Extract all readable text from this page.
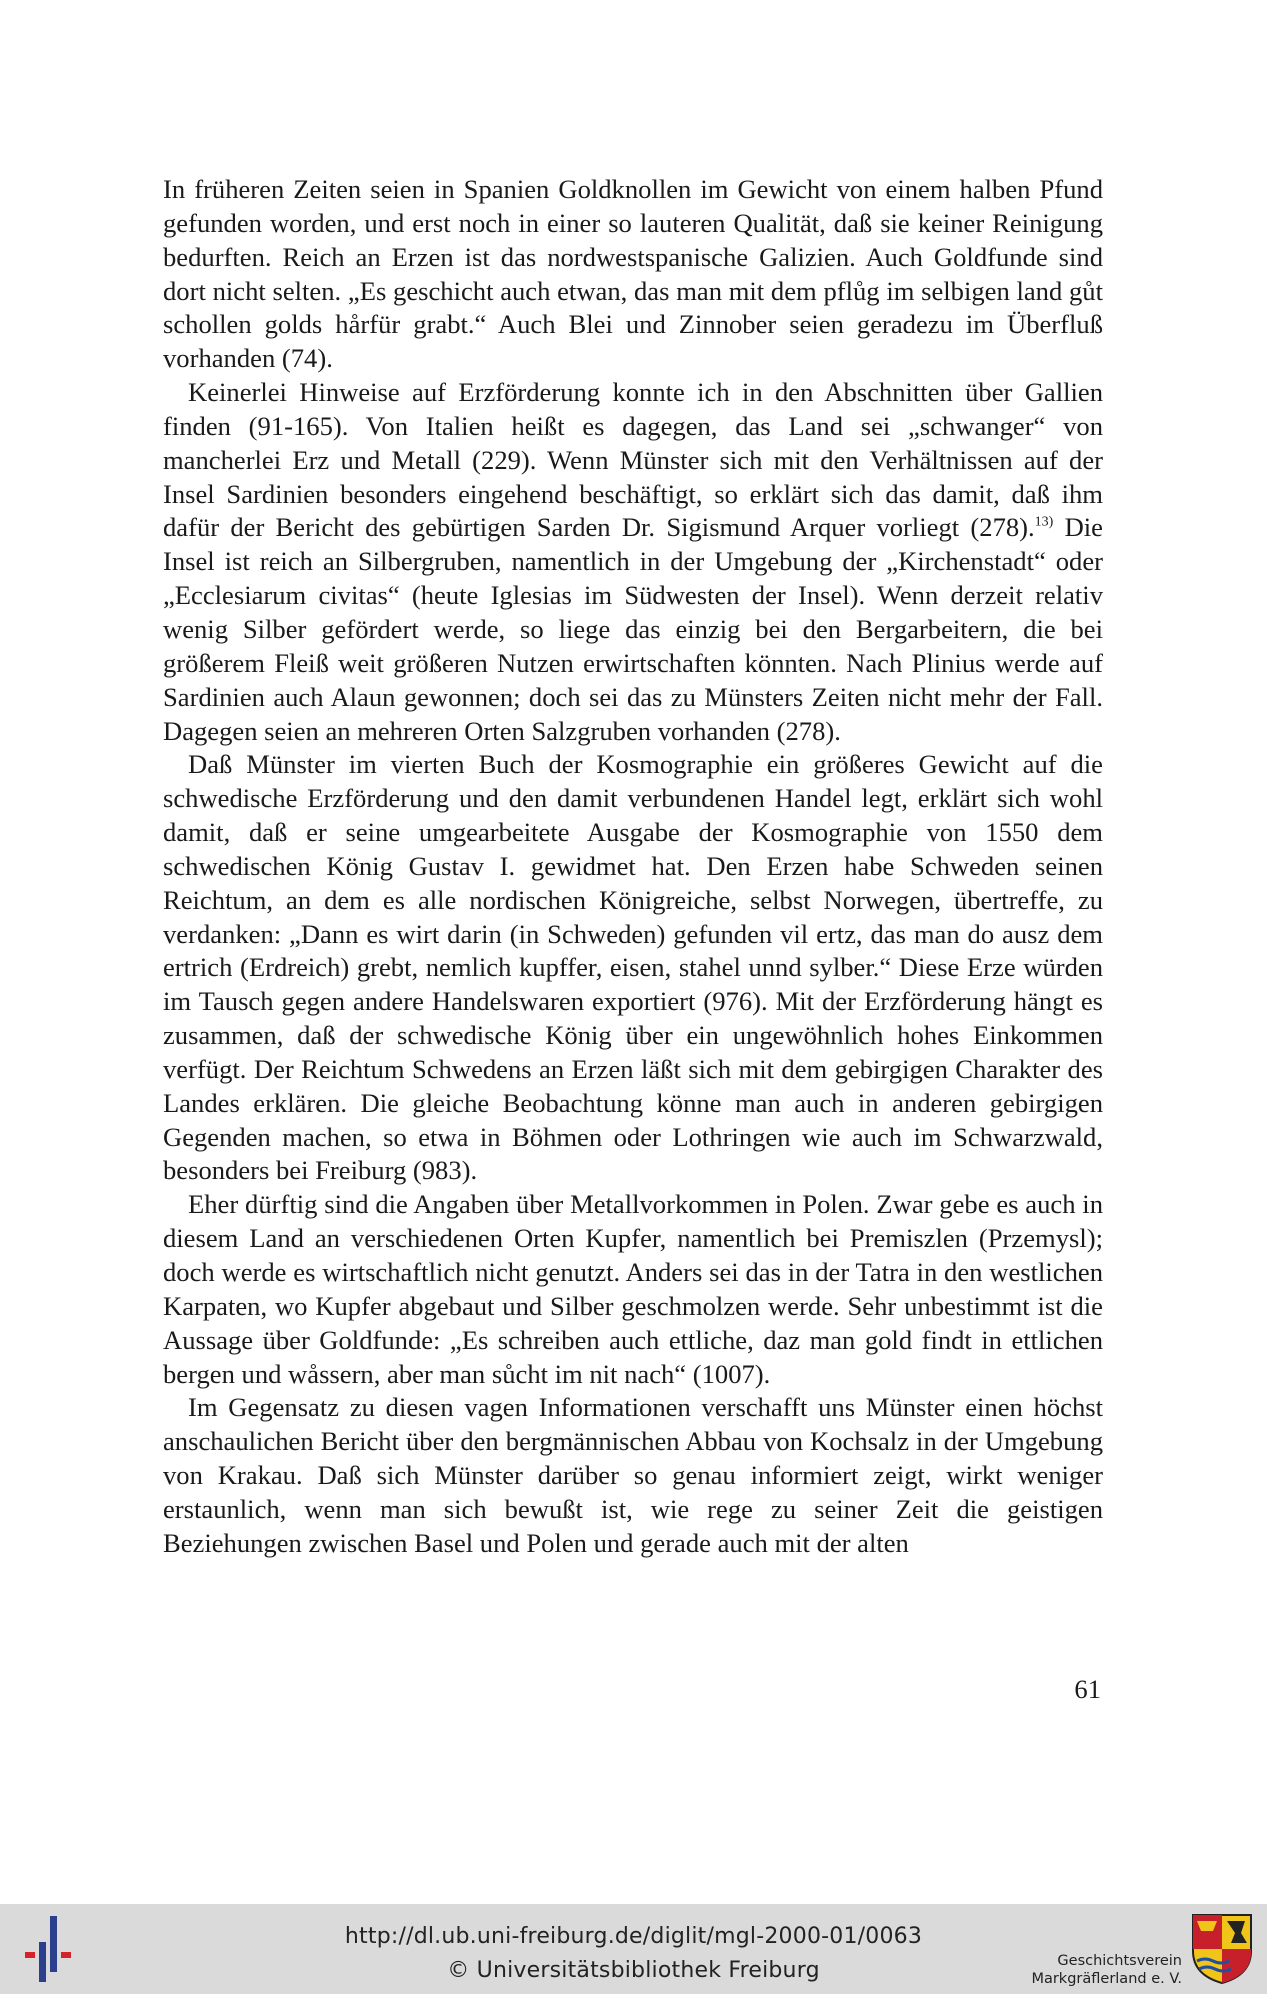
In früheren Zeiten seien in Spanien Goldknollen im Gewicht von einem halben Pfund gefunden worden, und erst noch in einer so lauteren Qualität, daß sie keiner Reinigung bedurften. Reich an Erzen ist das nordwestspanische Galizien. Auch Goldfunde sind dort nicht selten. „Es geschicht auch etwan, das man mit dem pflůg im selbigen land gůt schollen golds hårfür grabt.“ Auch Blei und Zinnober seien geradezu im Überfluß vorhanden (74).

Keinerlei Hinweise auf Erzförderung konnte ich in den Abschnitten über Gallien finden (91-165). Von Italien heißt es dagegen, das Land sei „schwanger“ von mancherlei Erz und Metall (229). Wenn Münster sich mit den Verhältnissen auf der Insel Sardinien besonders eingehend beschäftigt, so erklärt sich das damit, daß ihm dafür der Bericht des gebürtigen Sarden Dr. Sigismund Arquer vorliegt (278).$^{13)}$ Die Insel ist reich an Silbergruben, namentlich in der Umgebung der „Kirchenstadt“ oder „Ecclesiarum civitas“ (heute Iglesias im Südwesten der Insel). Wenn derzeit relativ wenig Silber gefördert werde, so liege das einzig bei den Bergarbeitern, die bei größerem Fleiß weit größeren Nutzen erwirtschaften könnten. Nach Plinius werde auf Sardinien auch Alaun gewonnen; doch sei das zu Münsters Zeiten nicht mehr der Fall. Dagegen seien an mehreren Orten Salzgruben vorhanden (278).

Daß Münster im vierten Buch der Kosmographie ein größeres Gewicht auf die schwedische Erzförderung und den damit verbundenen Handel legt, erklärt sich wohl damit, daß er seine umgearbeitete Ausgabe der Kosmographie von 1550 dem schwedischen König Gustav I. gewidmet hat. Den Erzen habe Schweden seinen Reichtum, an dem es alle nordischen Königreiche, selbst Norwegen, übertreffe, zu verdanken: „Dann es wirt darin (in Schweden) gefunden vil ertz, das man do ausz dem ertrich (Erdreich) grebt, nemlich kupffer, eisen, stahel unnd sylber.“ Diese Erze würden im Tausch gegen andere Handelswaren exportiert (976). Mit der Erzförderung hängt es zusammen, daß der schwedische König über ein ungewöhnlich hohes Einkommen verfügt. Der Reichtum Schwedens an Erzen läßt sich mit dem gebirgigen Charakter des Landes erklären. Die gleiche Beobachtung könne man auch in anderen gebirgigen Gegenden machen, so etwa in Böhmen oder Lothringen wie auch im Schwarzwald, besonders bei Freiburg (983).

Eher dürftig sind die Angaben über Metallvorkommen in Polen. Zwar gebe es auch in diesem Land an verschiedenen Orten Kupfer, namentlich bei Premiszlen (Przemysl); doch werde es wirtschaftlich nicht genutzt. Anders sei das in der Tatra in den westlichen Karpaten, wo Kupfer abgebaut und Silber geschmolzen werde. Sehr unbestimmt ist die Aussage über Goldfunde: „Es schreiben auch ettliche, daz man gold findt in ettlichen bergen und wåssern, aber man sůcht im nit nach“ (1007).

Im Gegensatz zu diesen vagen Informationen verschafft uns Münster einen höchst anschaulichen Bericht über den bergmännischen Abbau von Kochsalz in der Umgebung von Krakau. Daß sich Münster darüber so genau informiert zeigt, wirkt weniger erstaunlich, wenn man sich bewußt ist, wie rege zu seiner Zeit die geistigen Beziehungen zwischen Basel und Polen und gerade auch mit der alten

61
http://dl.ub.uni-freiburg.de/diglit/mgl-2000-01/0063
© Universitätsbibliothek Freiburg	Geschichtsverein
Markgräflerland e. V.
